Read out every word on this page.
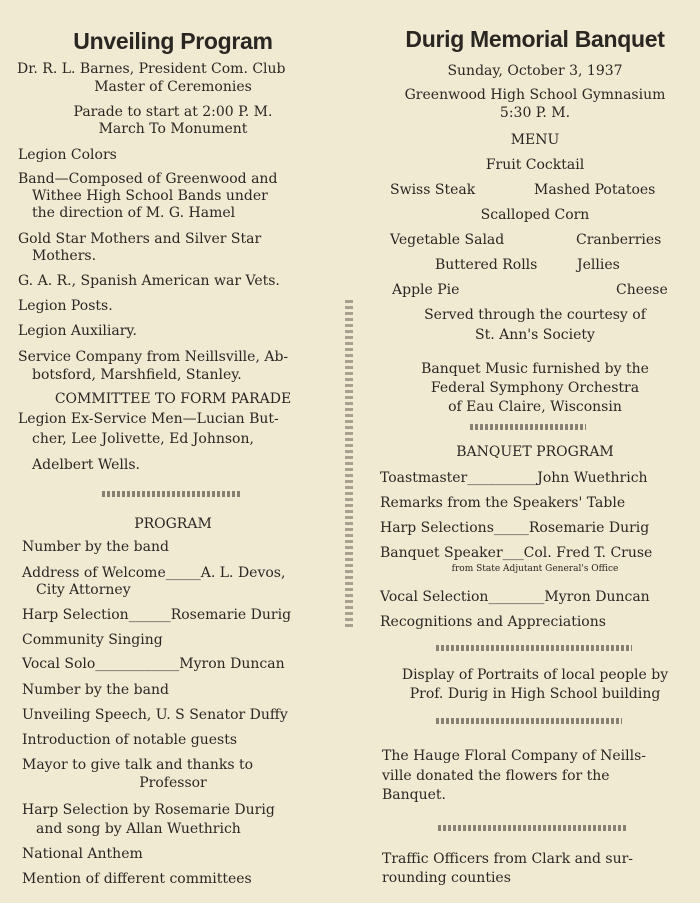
Unveiling Program

Dr. R. L. Barnes, President Com. Club

Master of Ceremonies

Parade to start at 2:00 P. M.

March To Monument

Legion Colors

Band—Composed of Greenwood and

Withee High School Bands under

the direction of M. G. Hamel

Gold Star Mothers and Silver Star

Mothers.

G. A. R., Spanish American war Vets.

Legion Posts.

Legion Auxiliary.

Service Company from Neillsville, Ab-

botsford, Marshfield, Stanley.

COMMITTEE TO FORM PARADE

Legion Ex-Service Men—Lucian But-

cher, Lee Jolivette, Ed Johnson,

Adelbert Wells.

PROGRAM

Number by the band

Address of Welcome_____A. L. Devos,

City Attorney

Harp Selection______Rosemarie Durig

Community Singing

Vocal Solo____________Myron Duncan

Number by the band

Unveiling Speech, U. S Senator Duffy

Introduction of notable guests

Mayor to give talk and thanks to

Professor

Harp Selection by Rosemarie Durig

and song by Allan Wuethrich

National Anthem

Mention of different committees

Durig Memorial Banquet

Sunday, October 3, 1937

Greenwood High School Gymnasium

5:30 P. M.

MENU

Fruit Cocktail

Swiss Steak	Mashed Potatoes

Scalloped Corn

Vegetable Salad	Cranberries

Buttered Rolls	Jellies

Apple Pie	Cheese

Served through the courtesy of

St. Ann's Society

Banquet Music furnished by the

Federal Symphony Orchestra

of Eau Claire, Wisconsin

BANQUET PROGRAM

Toastmaster__________John Wuethrich

Remarks from the Speakers' Table

Harp Selections_____Rosemarie Durig

Banquet Speaker___Col. Fred T. Cruse

from State Adjutant General's Office

Vocal Selection________Myron Duncan

Recognitions and Appreciations

Display of Portraits of local people by

Prof. Durig in High School building

The Hauge Floral Company of Neills-

ville donated the flowers for the

Banquet.

Traffic Officers from Clark and sur-

rounding counties
